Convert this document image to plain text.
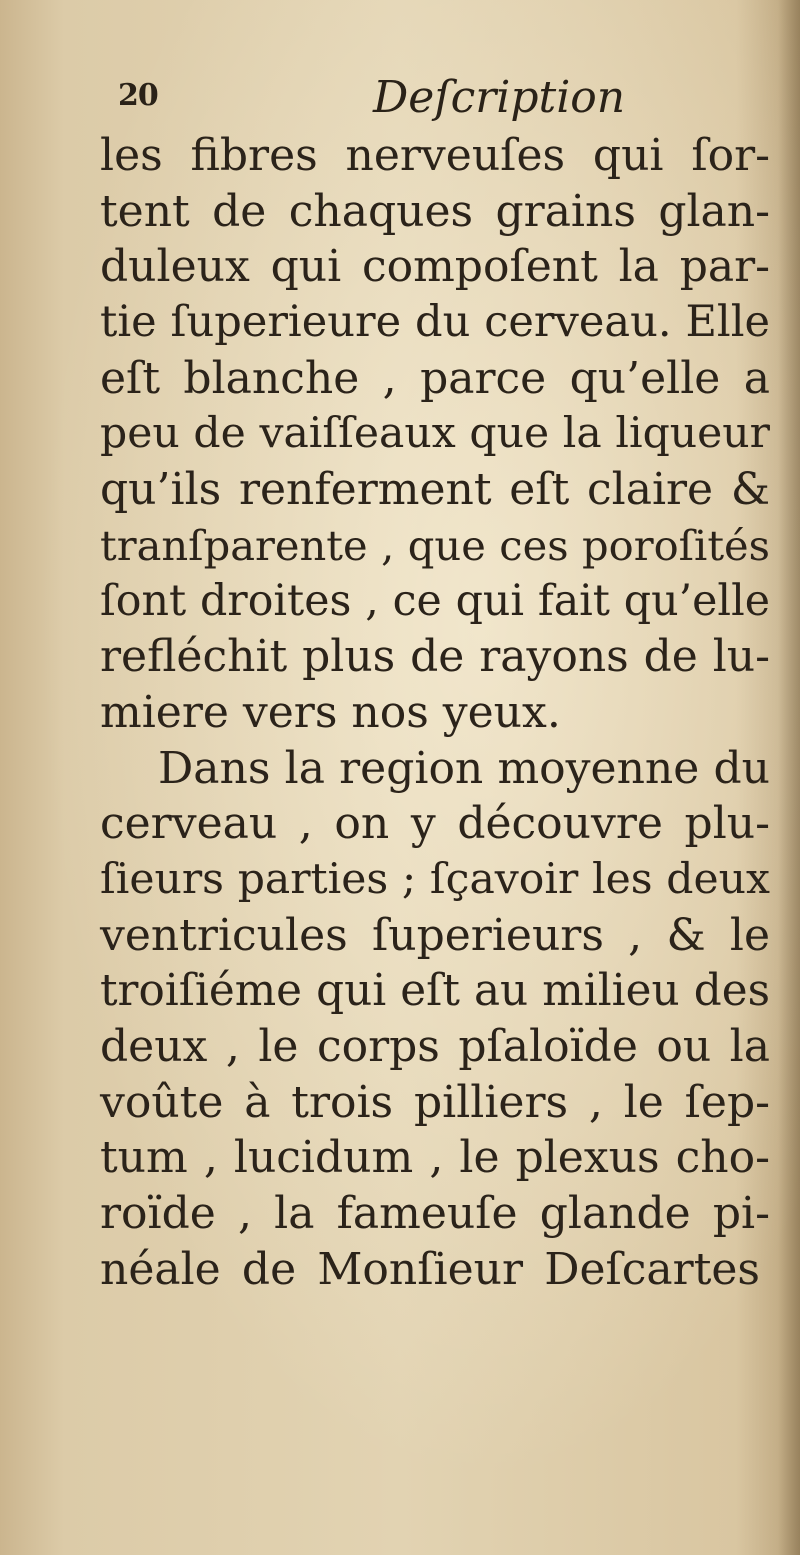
20	Deſcription
les fibres nerveuſes qui ſor-
tent de chaques grains glan-
duleux qui compoſent la par-
tie ſuperieure du cerveau. Elle
eſt blanche , parce qu’elle a
peu de vaiſſeaux que la liqueur
qu’ils renferment eſt claire &
tranſparente , que ces poroſités
ſont droites , ce qui fait qu’elle
refléchit plus de rayons de lu-
miere vers nos yeux.
Dans la region moyenne du
cerveau , on y découvre plu-
ſieurs parties ; ſçavoir les deux
ventricules ſuperieurs , & le
troiſiéme qui eſt au milieu des
deux , le corps pſaloïde ou la
voûte à trois pilliers , le ſep-
tum , lucidum , le plexus cho-
roïde , la fameuſe glande pi-
néale de Monſieur Deſcartes
